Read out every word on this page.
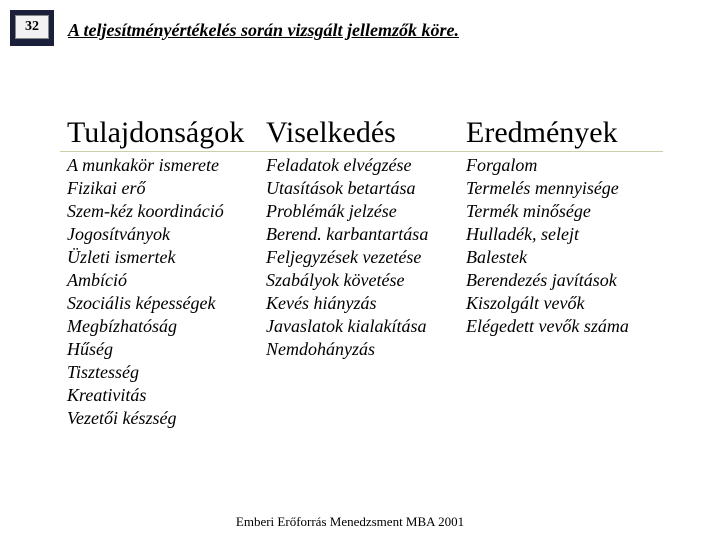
32	A teljesítményértékelés során vizsgált jellemzők köre.
Tulajdonságok
A munkakör ismerete
Fizikai erő
Szem-kéz koordináció
Jogosítványok
Üzleti ismertek
Ambíció
Szociális képességek
Megbízhatóság
Hűség
Tisztesség
Kreativitás
Vezetői készség
Viselkedés
Feladatok elvégzése
Utasítások betartása
Problémák jelzése
Berend. karbantartása
Feljegyzések vezetése
Szabályok követése
Kevés hiányzás
Javaslatok kialakítása
Nemdohányzás
Eredmények
Forgalom
Termelés mennyisége
Termék minősége
Hulladék, selejt
Balestek
Berendezés javítások
Kiszolgált vevők
Elégedett vevők száma
Emberi Erőforrás Menedzsment MBA 2001
